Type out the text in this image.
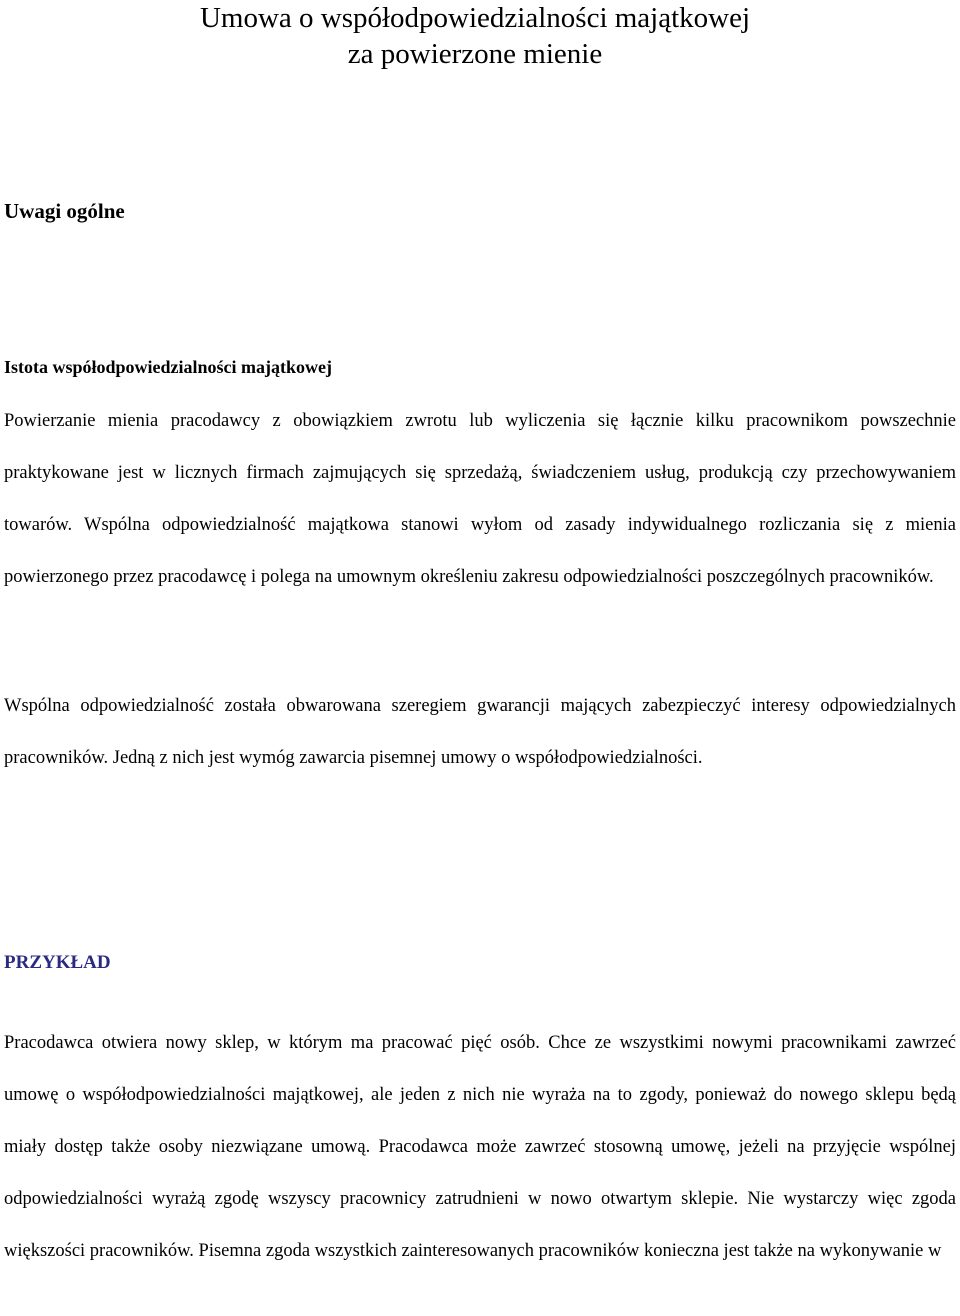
Umowa o współodpowiedzialności majątkowej
za powierzone mienie
Uwagi ogólne
Istota współodpowiedzialności majątkowej

Powierzanie mienia pracodawcy z obowiązkiem zwrotu lub wyliczenia się łącznie kilku pracownikom powszechnie praktykowane jest w licznych firmach zajmujących się sprzedażą, świadczeniem usług, produkcją czy przechowywaniem towarów. Wspólna odpowiedzialność majątkowa stanowi wyłom od zasady indywidualnego rozliczania się z mienia powierzonego przez pracodawcę i polega na umownym określeniu zakresu odpowiedzialności poszczególnych pracowników.

Wspólna odpowiedzialność została obwarowana szeregiem gwarancji mających zabezpieczyć interesy odpowiedzialnych pracowników. Jedną z nich jest wymóg zawarcia pisemnej umowy o współodpowiedzialności.

PRZYKŁAD

Pracodawca otwiera nowy sklep, w którym ma pracować pięć osób. Chce ze wszystkimi nowymi pracownikami zawrzeć umowę o współodpowiedzialności majątkowej, ale jeden z nich nie wyraża na to zgody, ponieważ do nowego sklepu będą miały dostęp także osoby niezwiązane umową. Pracodawca może zawrzeć stosowną umowę, jeżeli na przyjęcie wspólnej odpowiedzialności wyrażą zgodę wszyscy pracownicy zatrudnieni w nowo otwartym sklepie. Nie wystarczy więc zgoda większości pracowników. Pisemna zgoda wszystkich zainteresowanych pracowników konieczna jest także na wykonywanie w
